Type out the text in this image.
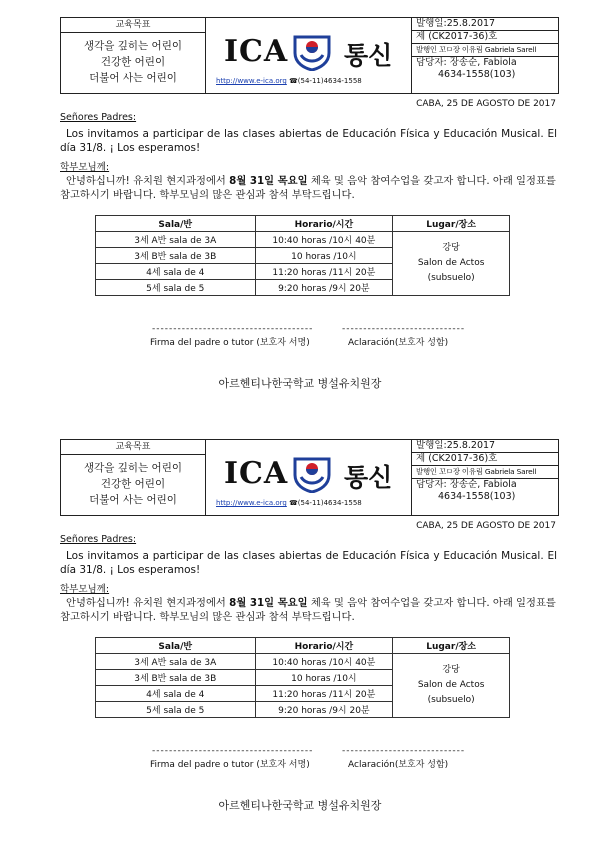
교육목표
생각을 깊히는 어린이
건강한 어린이
더불어 사는 어린이
ICA 통신
http://www.e-ica.org ☎(54-11)4634-1558
발행일:25.8.2017
제 (CK2017-36)호
발행인 꼬ㅁ장 이유림 Gabriela Sarell
담당자: 장송순, Fabiola
4634-1558(103)
CABA, 25 DE AGOSTO DE 2017
Señores Padres:
Los invitamos a participar de las clases abiertas de Educación Física y Educación Musical. El día 31/8. ¡ Los esperamos!
학부모님께:
안녕하십니까! 유치원 현지과정에서 8월 31일 목요일 체육 및 음악 참여수업을 갖고자 합니다. 아래 일정표를 참고하시기 바랍니다. 학부모님의 많은 관심과 참석 부탁드립니다.
Sala/반	Horario/시간	Lugar/장소
3세 A반 sala de 3A	10:40 horas /10시 40분	강당
Salon de Actos
(subsuelo)

3세 B반 sala de 3B	10 horas /10시	
4세 sala de 4	11:20 horas /11시 20분	
5세 sala de 5	9:20 horas /9시 20분	
--------------------------------------	-----------------------------
Firma del padre o tutor (보호자 서명)	Aclaración(보호자 성함)
아르헨티나한국학교 병설유치원장
교육목표
생각을 깊히는 어린이
건강한 어린이
더불어 사는 어린이
ICA 통신
http://www.e-ica.org ☎(54-11)4634-1558
발행일:25.8.2017
제 (CK2017-36)호
발행인 꼬ㅁ장 이유림 Gabriela Sarell
담당자: 장송순, Fabiola
4634-1558(103)
CABA, 25 DE AGOSTO DE 2017
Señores Padres:
Los invitamos a participar de las clases abiertas de Educación Física y Educación Musical. El día 31/8. ¡ Los esperamos!
학부모님께:
안녕하십니까! 유치원 현지과정에서 8월 31일 목요일 체육 및 음악 참여수업을 갖고자 합니다. 아래 일정표를 참고하시기 바랍니다. 학부모님의 많은 관심과 참석 부탁드립니다.
Sala/반	Horario/시간	Lugar/장소
3세 A반 sala de 3A	10:40 horas /10시 40분	강당
Salon de Actos
(subsuelo)

3세 B반 sala de 3B	10 horas /10시	
4세 sala de 4	11:20 horas /11시 20분	
5세 sala de 5	9:20 horas /9시 20분	
--------------------------------------	-----------------------------
Firma del padre o tutor (보호자 서명)	Aclaración(보호자 성함)
아르헨티나한국학교 병설유치원장
